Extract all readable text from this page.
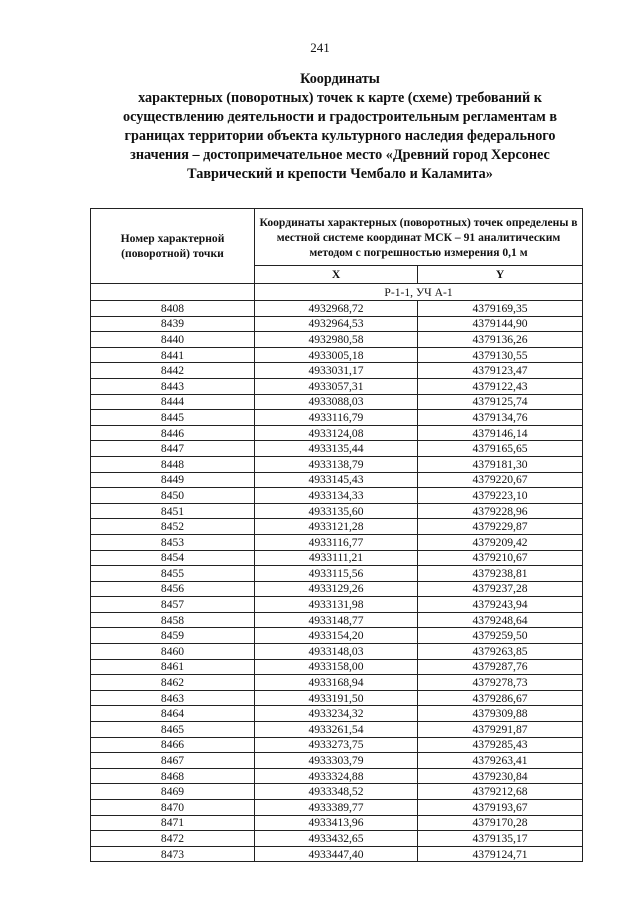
241
Координаты
характерных (поворотных) точек к карте (схеме) требований к
осуществлению деятельности и градостроительным регламентам в
границах территории объекта культурного наследия федерального
значения – достопримечательное место «Древний город Херсонес
Таврический и крепости Чембало и Каламита»
Номер характерной (поворотной) точки	Координаты характерных (поворотных) точек определены в местной системе координат МСК – 91 аналитическим методом с погрешностью измерения 0,1 м	
	X	Y
	Р-1-1, УЧ А-1	
8408	4932968,72	4379169,35
8439	4932964,53	4379144,90
8440	4932980,58	4379136,26
8441	4933005,18	4379130,55
8442	4933031,17	4379123,47
8443	4933057,31	4379122,43
8444	4933088,03	4379125,74
8445	4933116,79	4379134,76
8446	4933124,08	4379146,14
8447	4933135,44	4379165,65
8448	4933138,79	4379181,30
8449	4933145,43	4379220,67
8450	4933134,33	4379223,10
8451	4933135,60	4379228,96
8452	4933121,28	4379229,87
8453	4933116,77	4379209,42
8454	4933111,21	4379210,67
8455	4933115,56	4379238,81
8456	4933129,26	4379237,28
8457	4933131,98	4379243,94
8458	4933148,77	4379248,64
8459	4933154,20	4379259,50
8460	4933148,03	4379263,85
8461	4933158,00	4379287,76
8462	4933168,94	4379278,73
8463	4933191,50	4379286,67
8464	4933234,32	4379309,88
8465	4933261,54	4379291,87
8466	4933273,75	4379285,43
8467	4933303,79	4379263,41
8468	4933324,88	4379230,84
8469	4933348,52	4379212,68
8470	4933389,77	4379193,67
8471	4933413,96	4379170,28
8472	4933432,65	4379135,17
8473	4933447,40	4379124,71
